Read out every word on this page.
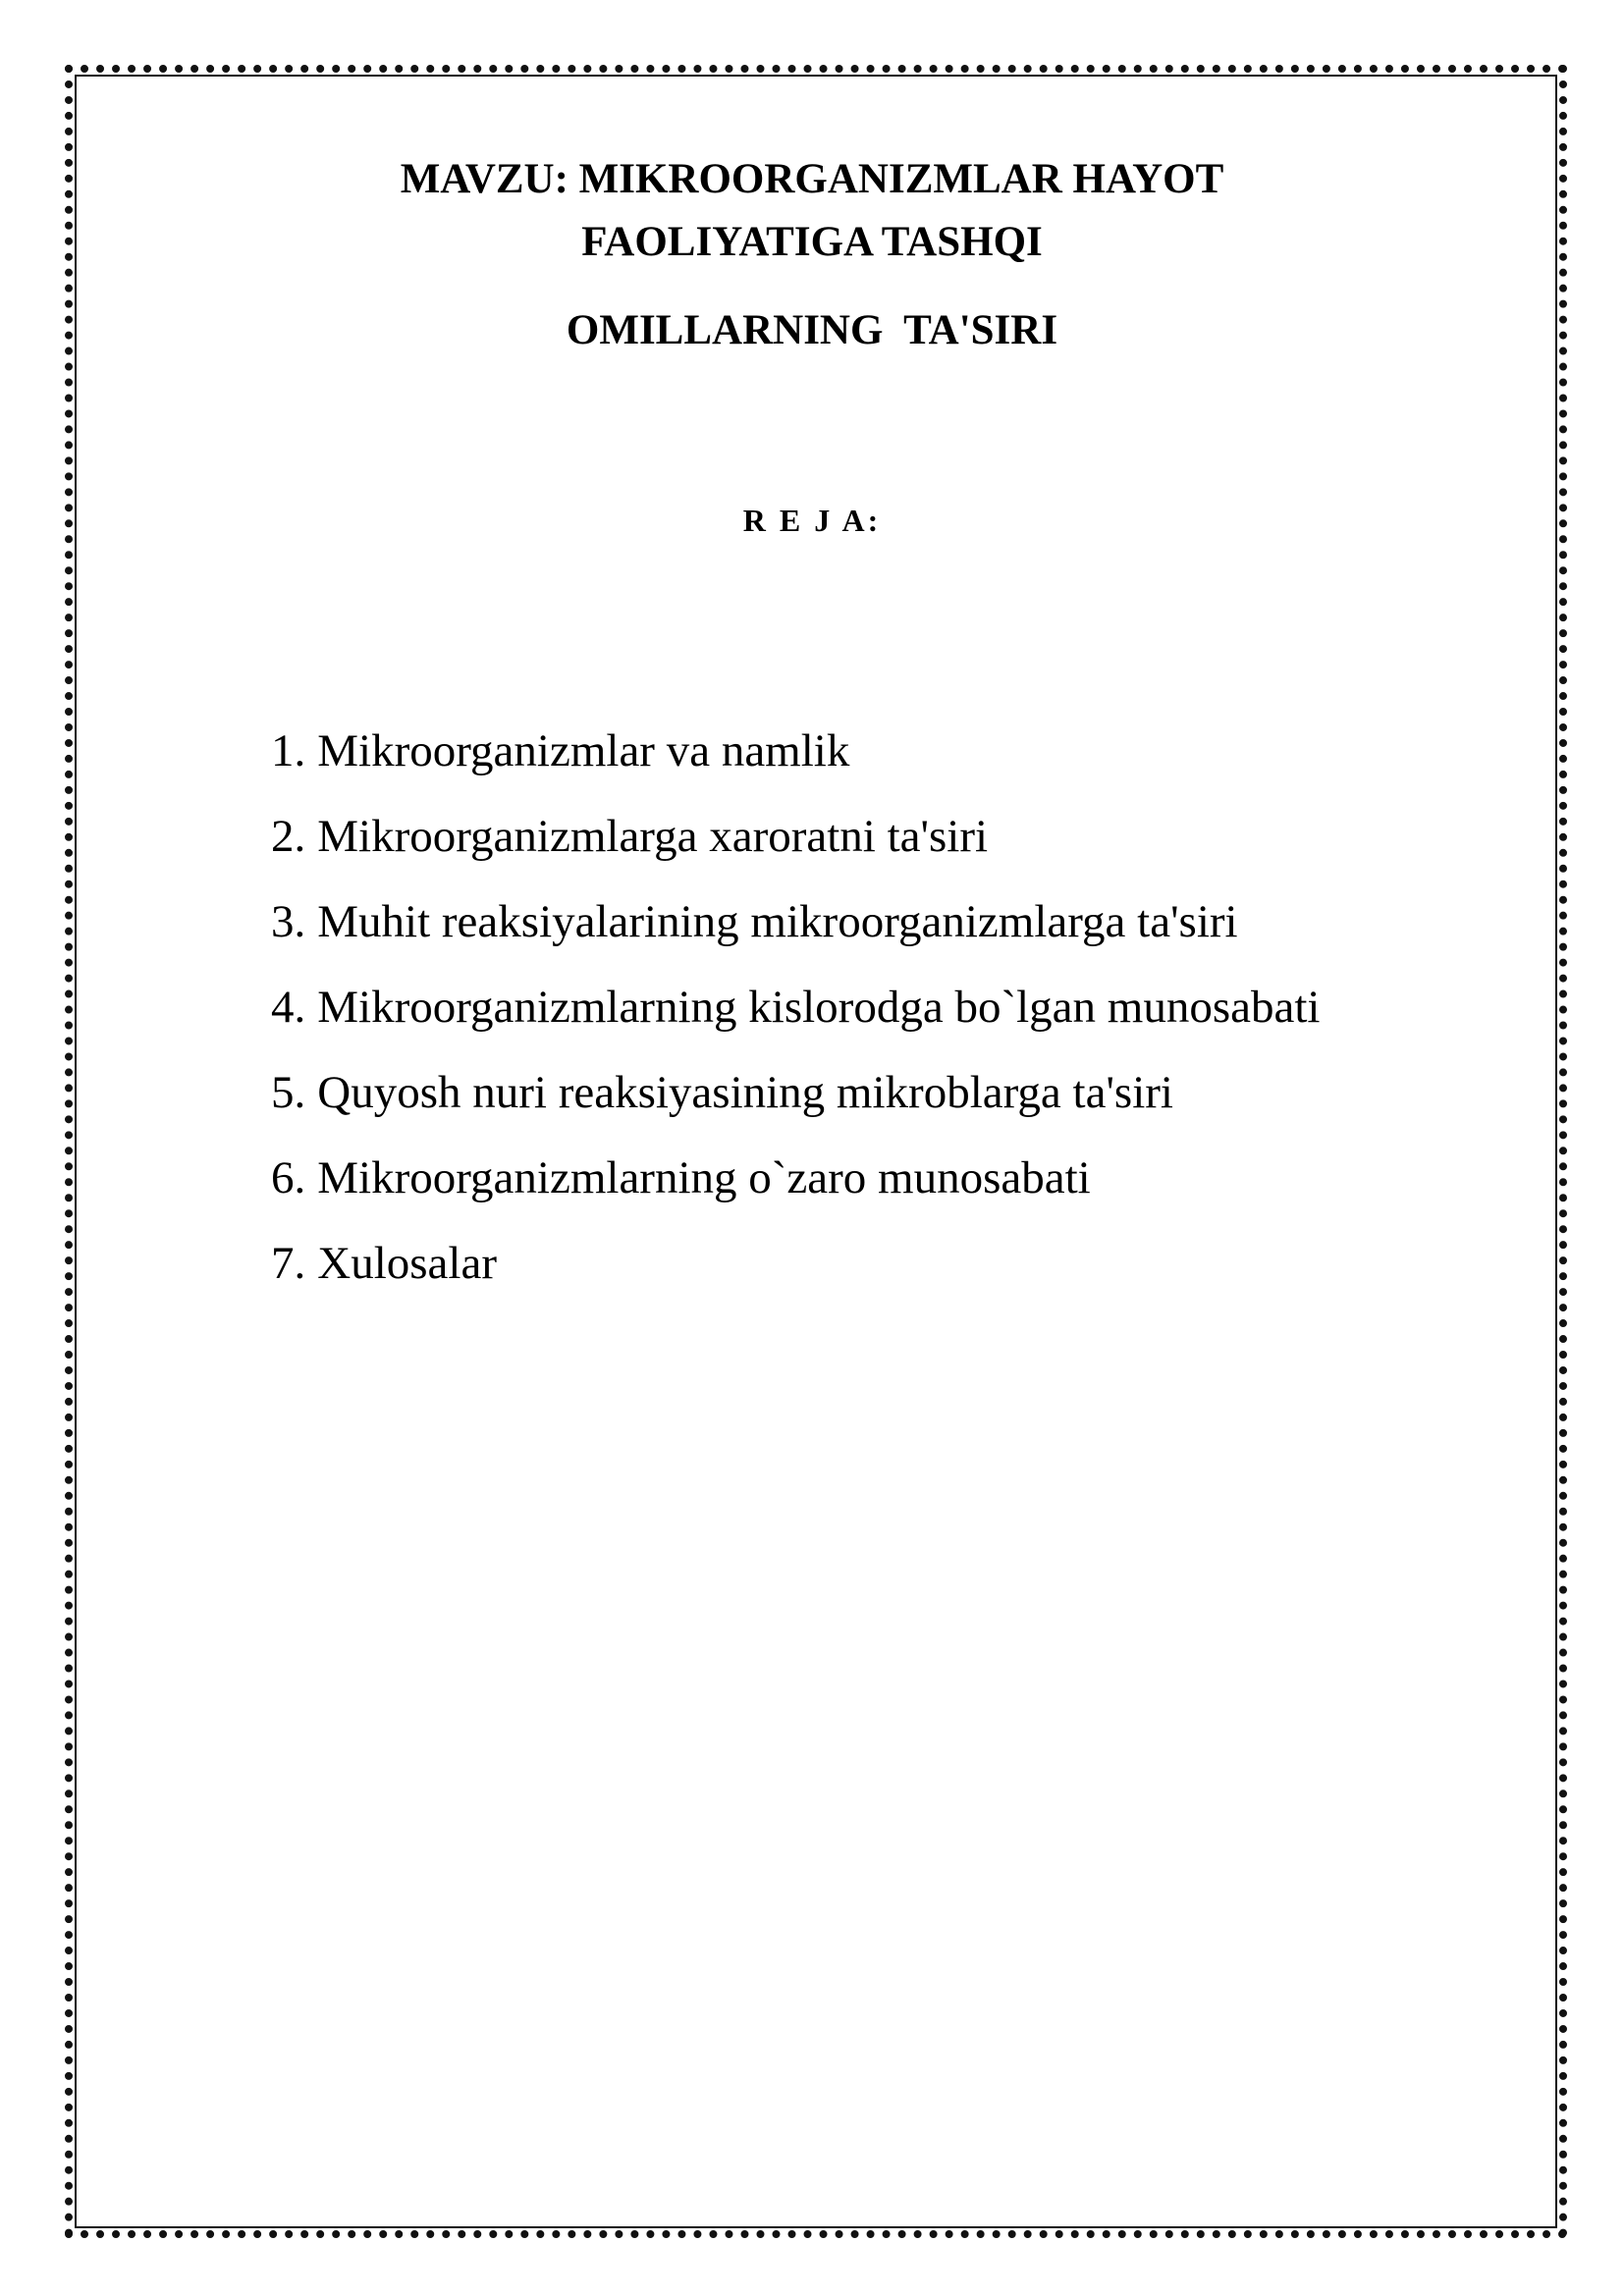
MAVZU: MIKROORGANIZMLAR HAYOT
FAOLIYATIGA TASHQI
OMILLARNING  TA'SIRI
R E J A:
1. Mikroorganizmlar va namlik
2. Mikroorganizmlarga xaroratni ta'siri
3. Muhit reaksiyalarining mikroorganizmlarga ta'siri
4. Mikroorganizmlarning kislorodga bo`lgan munosabati
5. Quyosh nuri reaksiyasining mikroblarga ta'siri
6. Mikroorganizmlarning o`zaro munosabati
7. Xulosalar
